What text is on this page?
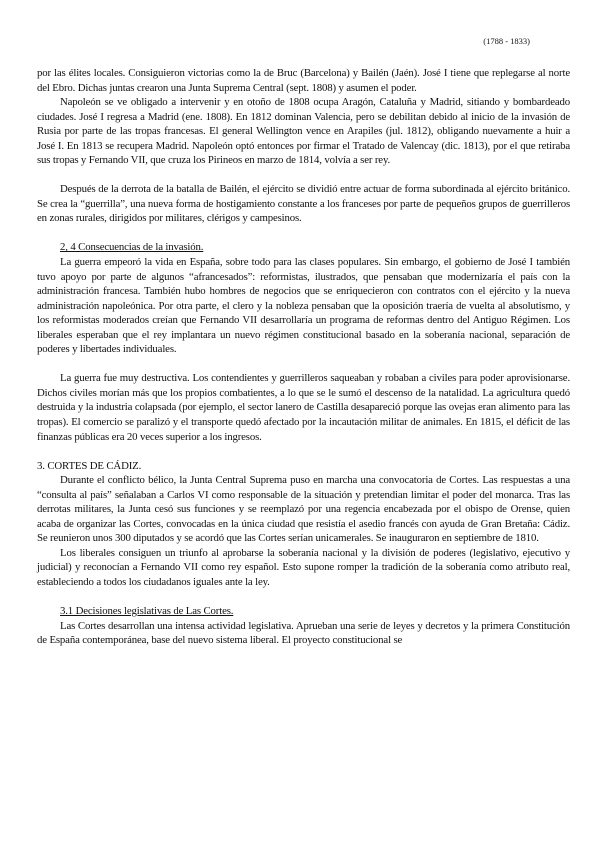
(1788 - 1833)

por las élites locales. Consiguieron victorias como la de Bruc (Barcelona) y Bailén (Jaén). José I tiene que replegarse al norte del Ebro. Dichas juntas crearon una Junta Suprema Central (sept. 1808) y asumen el poder.

Napoleón se ve obligado a intervenir y en otoño de 1808 ocupa Aragón, Cataluña y Madrid, sitiando y bombardeado ciudades. José I regresa a Madrid (ene. 1808). En 1812 dominan Valencia, pero se debilitan debido al inicio de la invasión de Rusia por parte de las tropas francesas. El general Wellington vence en Arapiles (jul. 1812), obligando nuevamente a huir a José I. En 1813 se recupera Madrid. Napoleón optó entonces por firmar el Tratado de Valencay (dic. 1813), por el que retiraba sus tropas y Fernando VII, que cruza los Pirineos en marzo de 1814, volvía a ser rey.

Después de la derrota de la batalla de Bailén, el ejército se dividió entre actuar de forma subordinada al ejército británico. Se crea la “guerrilla”, una nueva forma de hostigamiento constante a los franceses por parte de pequeños grupos de guerrilleros en zonas rurales, dirigidos por militares, clérigos y campesinos.

2, 4 Consecuencias de la invasión.

La guerra empeoró la vida en España, sobre todo para las clases populares. Sin embargo, el gobierno de José I también tuvo apoyo por parte de algunos “afrancesados”: reformistas, ilustrados, que pensaban que modernizaría el país con la administración francesa. También hubo hombres de negocios que se enriquecieron con contratos con el ejército y la nueva administración napoleónica. Por otra parte, el clero y la nobleza pensaban que la oposición traería de vuelta al absolutismo, y los reformistas moderados creían que Fernando VII desarrollaría un programa de reformas dentro del Antiguo Régimen. Los liberales esperaban que el rey implantara un nuevo régimen constitucional basado en la soberanía nacional, separación de poderes y libertades individuales.

La guerra fue muy destructiva. Los contendientes y guerrilleros saqueaban y robaban a civiles para poder aprovisionarse. Dichos civiles morían más que los propios combatientes, a lo que se le sumó el descenso de la natalidad. La agricultura quedó destruida y la industria colapsada (por ejemplo, el sector lanero de Castilla desapareció porque las ovejas eran alimento para las tropas). El comercio se paralizó y el transporte quedó afectado por la incautación militar de animales. En 1815, el déficit de las finanzas públicas era 20 veces superior a los ingresos.

3. CORTES DE CÁDIZ.

Durante el conflicto bélico, la Junta Central Suprema puso en marcha una convocatoria de Cortes. Las respuestas a una “consulta al país” señalaban a Carlos VI como responsable de la situación y pretendian limitar el poder del monarca. Tras las derrotas militares, la Junta cesó sus funciones y se reemplazó por una regencia encabezada por el obispo de Orense, quien acaba de organizar las Cortes, convocadas en la única ciudad que resistía el asedio francés con ayuda de Gran Bretaña: Cádiz. Se reunieron unos 300 diputados y se acordó que las Cortes serían unicamerales. Se inauguraron en septiembre de 1810.

Los liberales consiguen un triunfo al aprobarse la soberanía nacional y la división de poderes (legislativo, ejecutivo y judicial) y reconocían a Fernando VII como rey español. Esto supone romper la tradición de la soberanía como atributo real, estableciendo a todos los ciudadanos iguales ante la ley.

3.1 Decisiones legislativas de Las Cortes.

Las Cortes desarrollan una intensa actividad legislativa. Aprueban una serie de leyes y decretos y la primera Constitución de España contemporánea, base del nuevo sistema liberal. El proyecto constitucional se
